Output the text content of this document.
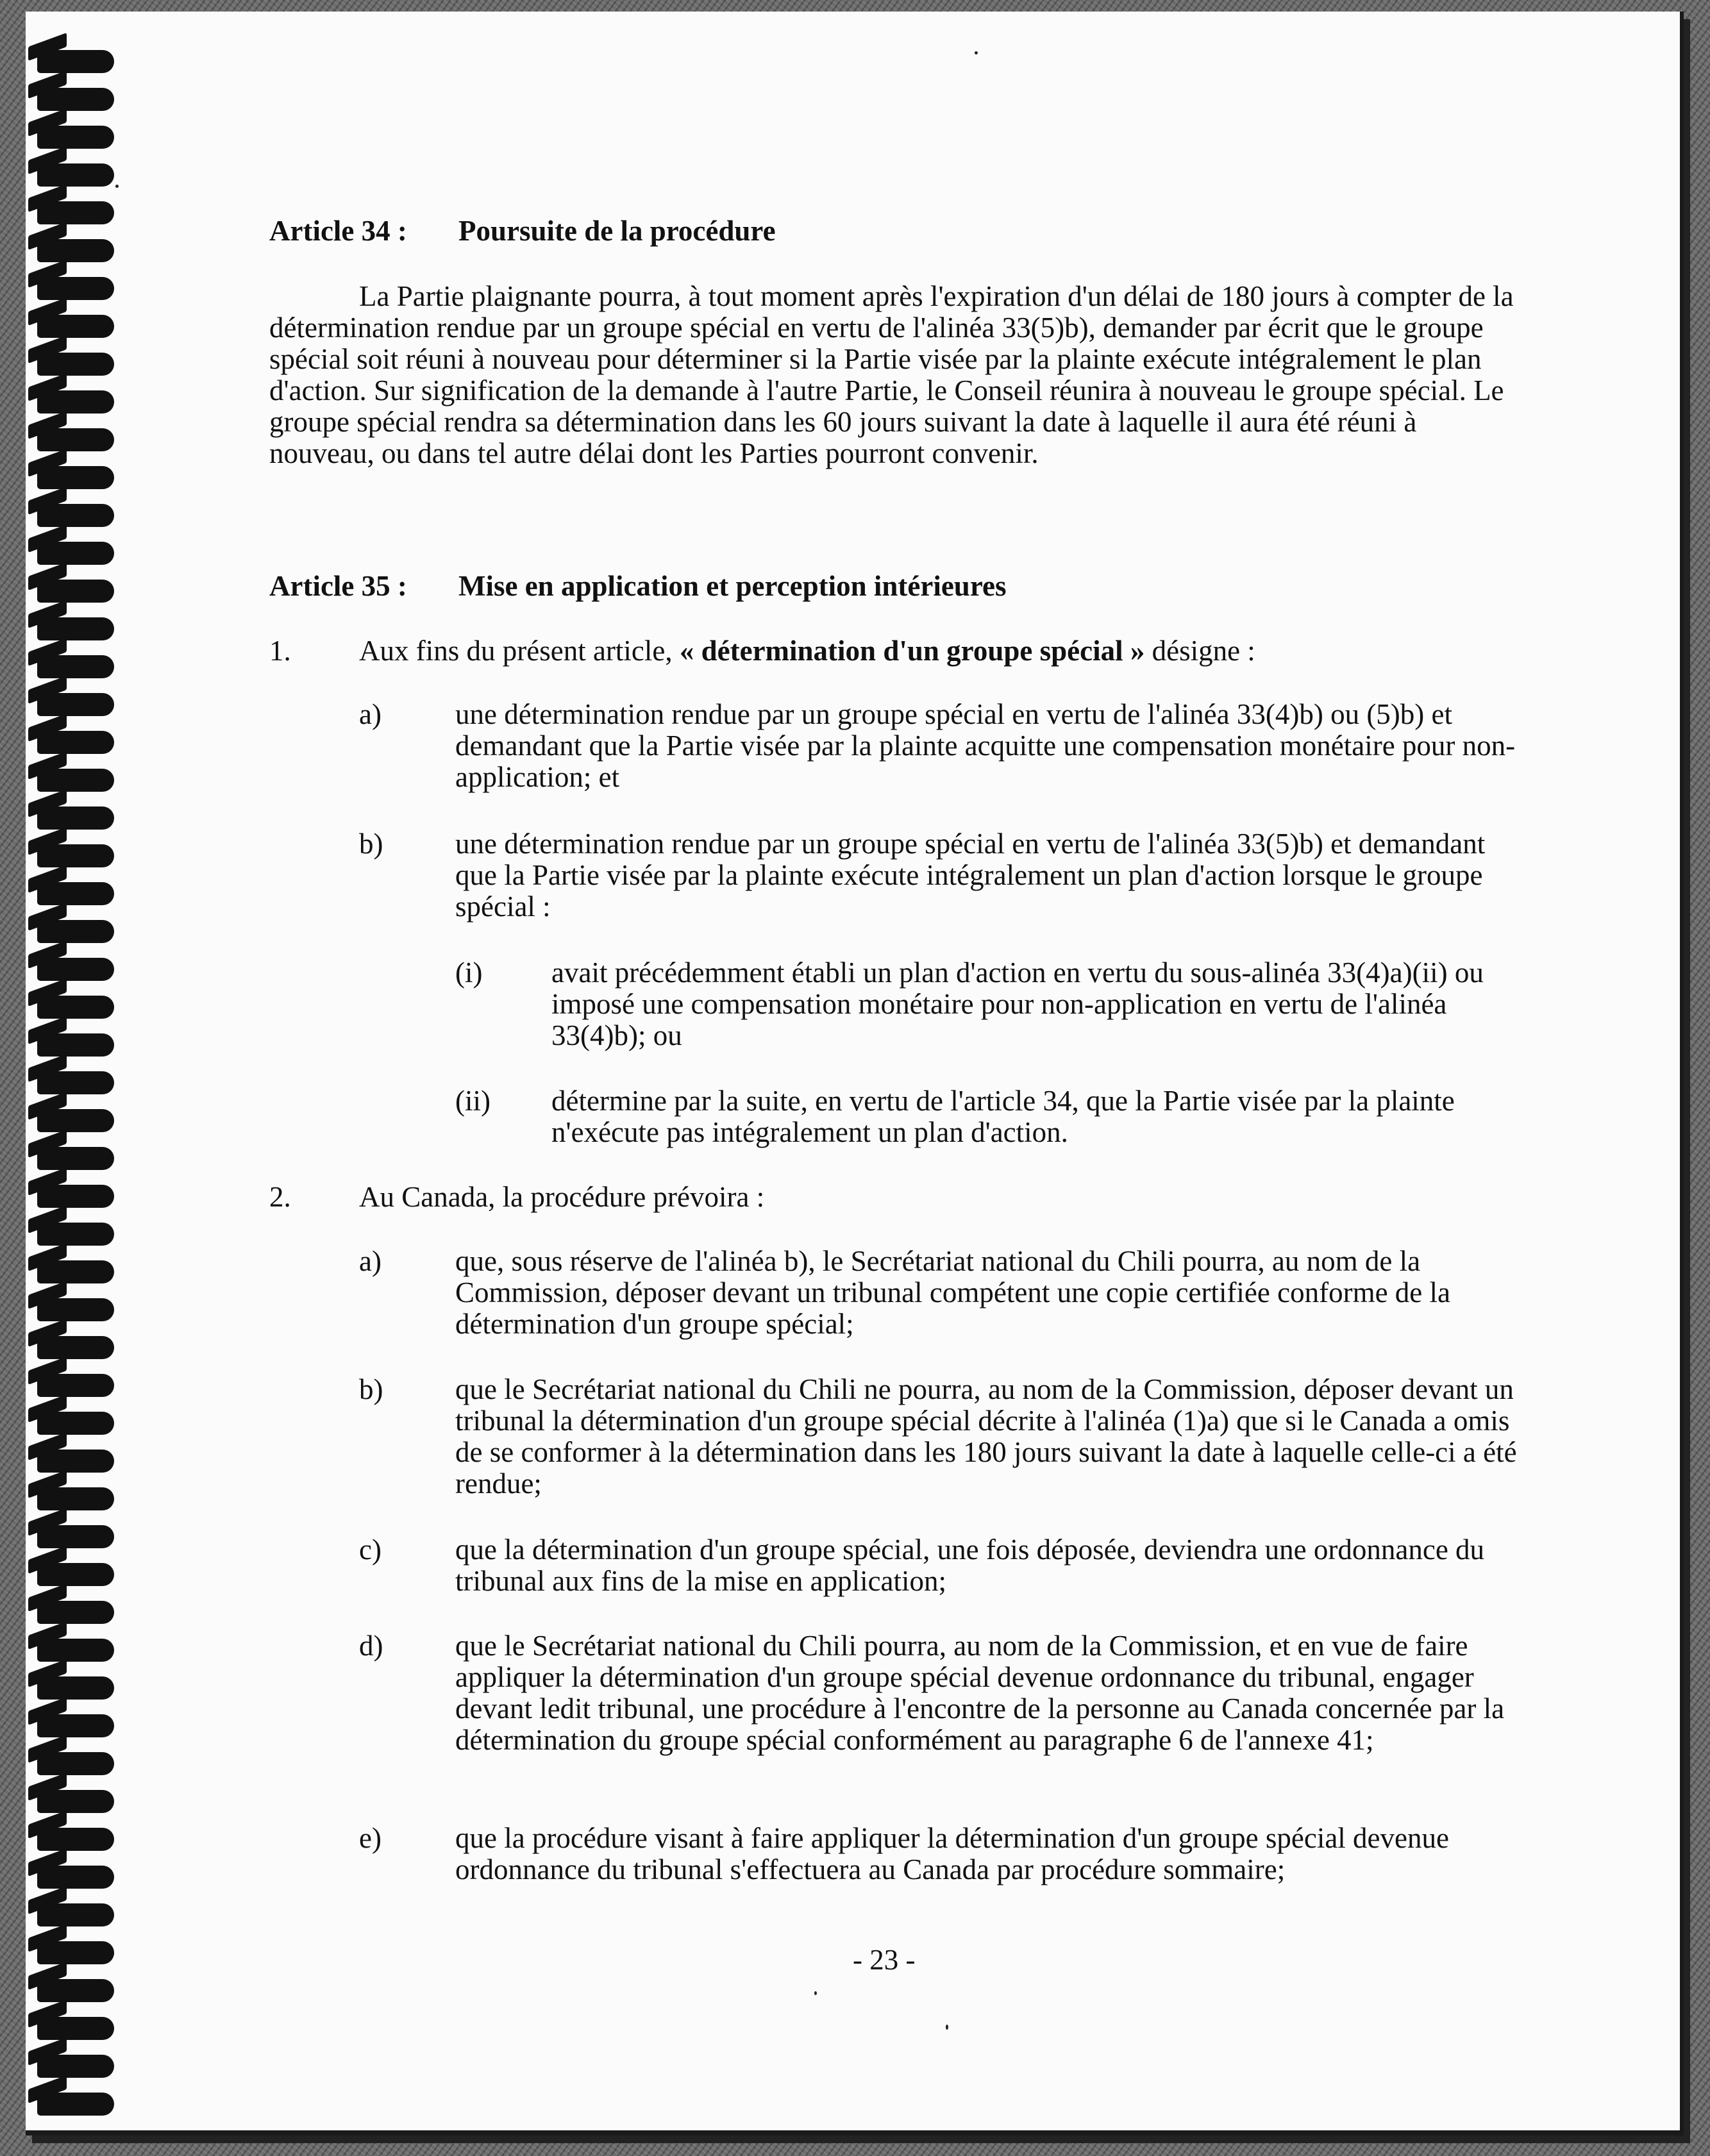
Article 34 : Poursuite de la procédure

La Partie plaignante pourra, à tout moment après l'expiration d'un délai de 180 jours à compter de la détermination rendue par un groupe spécial en vertu de l'alinéa 33(5)b), demander par écrit que le groupe spécial soit réuni à nouveau pour déterminer si la Partie visée par la plainte exécute intégralement le plan d'action. Sur signification de la demande à l'autre Partie, le Conseil réunira à nouveau le groupe spécial. Le groupe spécial rendra sa détermination dans les 60 jours suivant la date à laquelle il aura été réuni à nouveau, ou dans tel autre délai dont les Parties pourront convenir.

Article 35 : Mise en application et perception intérieures
1. Aux fins du présent article, « détermination d'un groupe spécial » désigne :
a)	une détermination rendue par un groupe spécial en vertu de l'alinéa 33(4)b) ou (5)b) et demandant que la Partie visée par la plainte acquitte une compensation monétaire pour non-application; et
b)	une détermination rendue par un groupe spécial en vertu de l'alinéa 33(5)b) et demandant que la Partie visée par la plainte exécute intégralement un plan d'action lorsque le groupe spécial :
(i) avait précédemment établi un plan d'action en vertu du sous-alinéa 33(4)a)(ii) ou imposé une compensation monétaire pour non-application en vertu de l'alinéa 33(4)b); ou
(ii) détermine par la suite, en vertu de l'article 34, que la Partie visée par la plainte n'exécute pas intégralement un plan d'action.
2. Au Canada, la procédure prévoira :
a)	que, sous réserve de l'alinéa b), le Secrétariat national du Chili pourra, au nom de la Commission, déposer devant un tribunal compétent une copie certifiée conforme de la détermination d'un groupe spécial;
b)	que le Secrétariat national du Chili ne pourra, au nom de la Commission, déposer devant un tribunal la détermination d'un groupe spécial décrite à l'alinéa (1)a) que si le Canada a omis de se conformer à la détermination dans les 180 jours suivant la date à laquelle celle-ci a été rendue;
c)	que la détermination d'un groupe spécial, une fois déposée, deviendra une ordonnance du tribunal aux fins de la mise en application;
d)	que le Secrétariat national du Chili pourra, au nom de la Commission, et en vue de faire appliquer la détermination d'un groupe spécial devenue ordonnance du tribunal, engager devant ledit tribunal, une procédure à l'encontre de la personne au Canada concernée par la détermination du groupe spécial conformément au paragraphe 6 de l'annexe 41;
e)	que la procédure visant à faire appliquer la détermination d'un groupe spécial devenue ordonnance du tribunal s'effectuera au Canada par procédure sommaire;
- 23 -
